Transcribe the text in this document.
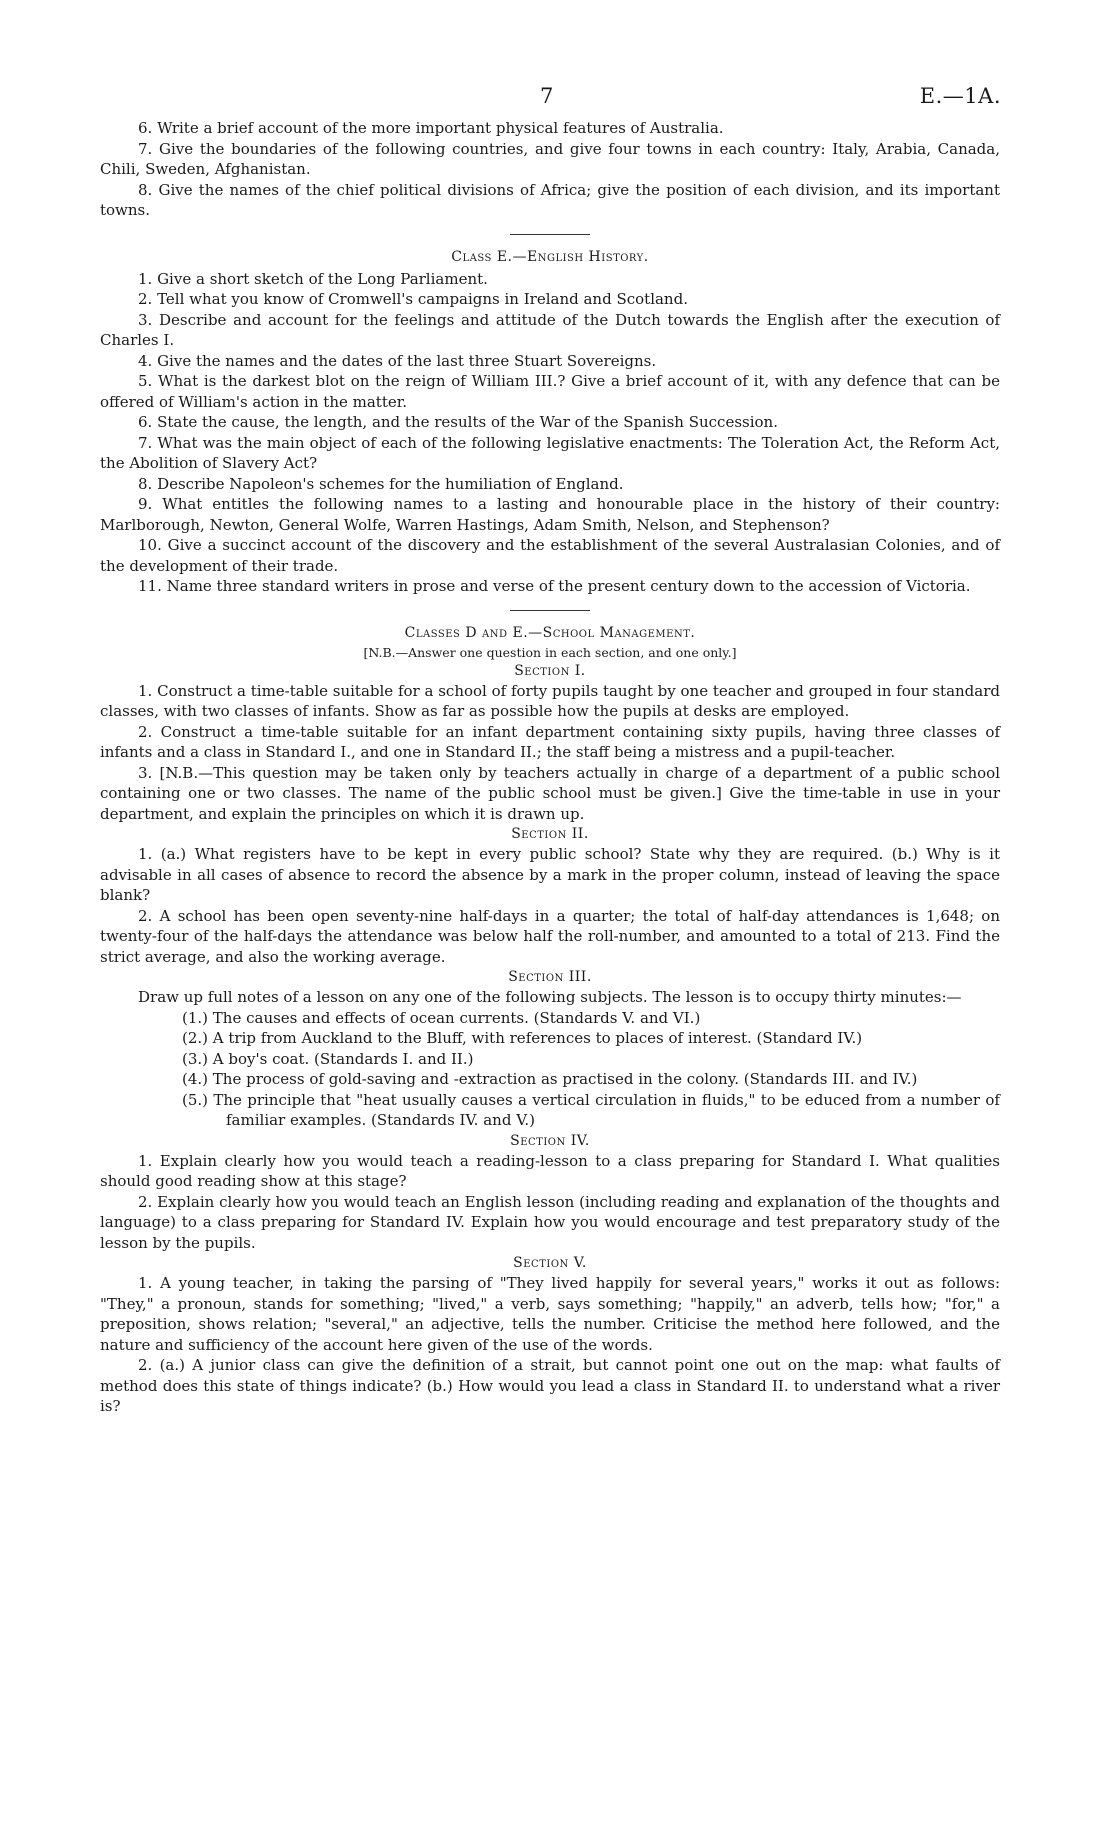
7	E.—1A.

6. Write a brief account of the more important physical features of Australia.

7. Give the boundaries of the following countries, and give four towns in each country: Italy, Arabia, Canada, Chili, Sweden, Afghanistan.

8. Give the names of the chief political divisions of Africa; give the position of each division, and its important towns.

Class E.—English History.

1. Give a short sketch of the Long Parliament.

2. Tell what you know of Cromwell's campaigns in Ireland and Scotland.

3. Describe and account for the feelings and attitude of the Dutch towards the English after the execution of Charles I.

4. Give the names and the dates of the last three Stuart Sovereigns.

5. What is the darkest blot on the reign of William III.? Give a brief account of it, with any defence that can be offered of William's action in the matter.

6. State the cause, the length, and the results of the War of the Spanish Succession.

7. What was the main object of each of the following legislative enactments: The Toleration Act, the Reform Act, the Abolition of Slavery Act?

8. Describe Napoleon's schemes for the humiliation of England.

9. What entitles the following names to a lasting and honourable place in the history of their country: Marlborough, Newton, General Wolfe, Warren Hastings, Adam Smith, Nelson, and Stephenson?

10. Give a succinct account of the discovery and the establishment of the several Australasian Colonies, and of the development of their trade.

11. Name three standard writers in prose and verse of the present century down to the accession of Victoria.

Classes D and E.—School Management.
[N.B.—Answer one question in each section, and one only.]
Section I.

1. Construct a time-table suitable for a school of forty pupils taught by one teacher and grouped in four standard classes, with two classes of infants. Show as far as possible how the pupils at desks are employed.

2. Construct a time-table suitable for an infant department containing sixty pupils, having three classes of infants and a class in Standard I., and one in Standard II.; the staff being a mistress and a pupil-teacher.

3. [N.B.—This question may be taken only by teachers actually in charge of a department of a public school containing one or two classes. The name of the public school must be given.] Give the time-table in use in your department, and explain the principles on which it is drawn up.

Section II.

1. (a.) What registers have to be kept in every public school? State why they are required. (b.) Why is it advisable in all cases of absence to record the absence by a mark in the proper column, instead of leaving the space blank?

2. A school has been open seventy-nine half-days in a quarter; the total of half-day attendances is 1,648; on twenty-four of the half-days the attendance was below half the roll-number, and amounted to a total of 213. Find the strict average, and also the working average.

Section III.

Draw up full notes of a lesson on any one of the following subjects. The lesson is to occupy thirty minutes:—

(1.) The causes and effects of ocean currents. (Standards V. and VI.)
(2.) A trip from Auckland to the Bluff, with references to places of interest. (Standard IV.)
(3.) A boy's coat. (Standards I. and II.)
(4.) The process of gold-saving and -extraction as practised in the colony. (Standards III. and IV.)
(5.) The principle that "heat usually causes a vertical circulation in fluids," to be educed from a number of familiar examples. (Standards IV. and V.)
Section IV.

1. Explain clearly how you would teach a reading-lesson to a class preparing for Standard I. What qualities should good reading show at this stage?

2. Explain clearly how you would teach an English lesson (including reading and explanation of the thoughts and language) to a class preparing for Standard IV. Explain how you would encourage and test preparatory study of the lesson by the pupils.

Section V.

1. A young teacher, in taking the parsing of "They lived happily for several years," works it out as follows: "They," a pronoun, stands for something; "lived," a verb, says something; "happily," an adverb, tells how; "for," a preposition, shows relation; "several," an adjective, tells the number. Criticise the method here followed, and the nature and sufficiency of the account here given of the use of the words.

2. (a.) A junior class can give the definition of a strait, but cannot point one out on the map: what faults of method does this state of things indicate? (b.) How would you lead a class in Standard II. to understand what a river is?
